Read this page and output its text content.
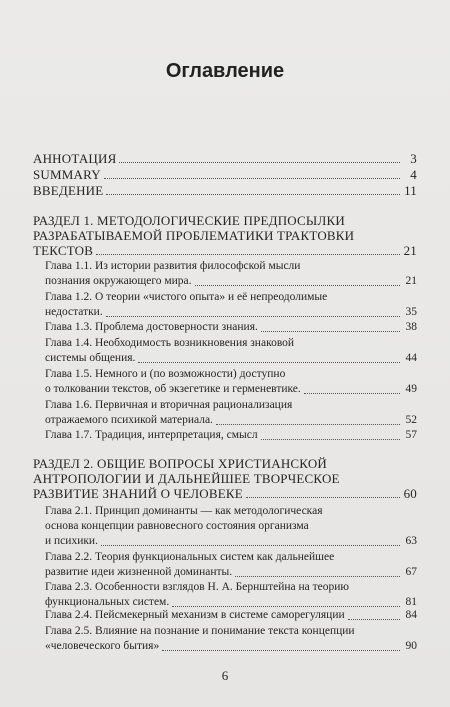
Оглавление
АННОТАЦИЯ	3
SUMMARY	4
ВВЕДЕНИЕ	11
РАЗДЕЛ 1. МЕТОДОЛОГИЧЕСКИЕ ПРЕДПОСЫЛКИ
РАЗРАБАТЫВАЕМОЙ ПРОБЛЕМАТИКИ ТРАКТОВКИ
ТЕКСТОВ	21
Глава 1.1. Из истории развития философской мысли
познания окружающего мира.	21
Глава 1.2. О теории «чистого опыта» и её непреодолимые
недостатки.	35
Глава 1.3. Проблема достоверности знания.	38
Глава 1.4. Необходимость возникновения знаковой
системы общения.	44
Глава 1.5. Немного и (по возможности) доступно
о толковании текстов, об экзегетике и герменевтике.	49
Глава 1.6. Первичная и вторичная рационализация
отражаемого психикой материала.	52
Глава 1.7. Традиция, интерпретация, смысл	57
РАЗДЕЛ 2. ОБЩИЕ ВОПРОСЫ ХРИСТИАНСКОЙ
АНТРОПОЛОГИИ И ДАЛЬНЕЙШЕЕ ТВОРЧЕСКОЕ
РАЗВИТИЕ ЗНАНИЙ О ЧЕЛОВЕКЕ	60
Глава 2.1. Принцип доминанты — как методологическая
основа концепции равновесного состояния организма
и психики.	63
Глава 2.2. Теория функциональных систем как дальнейшее
развитие идеи жизненной доминанты.	67
Глава 2.3. Особенности взглядов Н. А. Бернштейна на теорию
функциональных систем.	81
Глава 2.4. Пейсмекерный механизм в системе саморегуляции	84
Глава 2.5. Влияние на познание и понимание текста концепции
«человеческого бытия»	90
6
